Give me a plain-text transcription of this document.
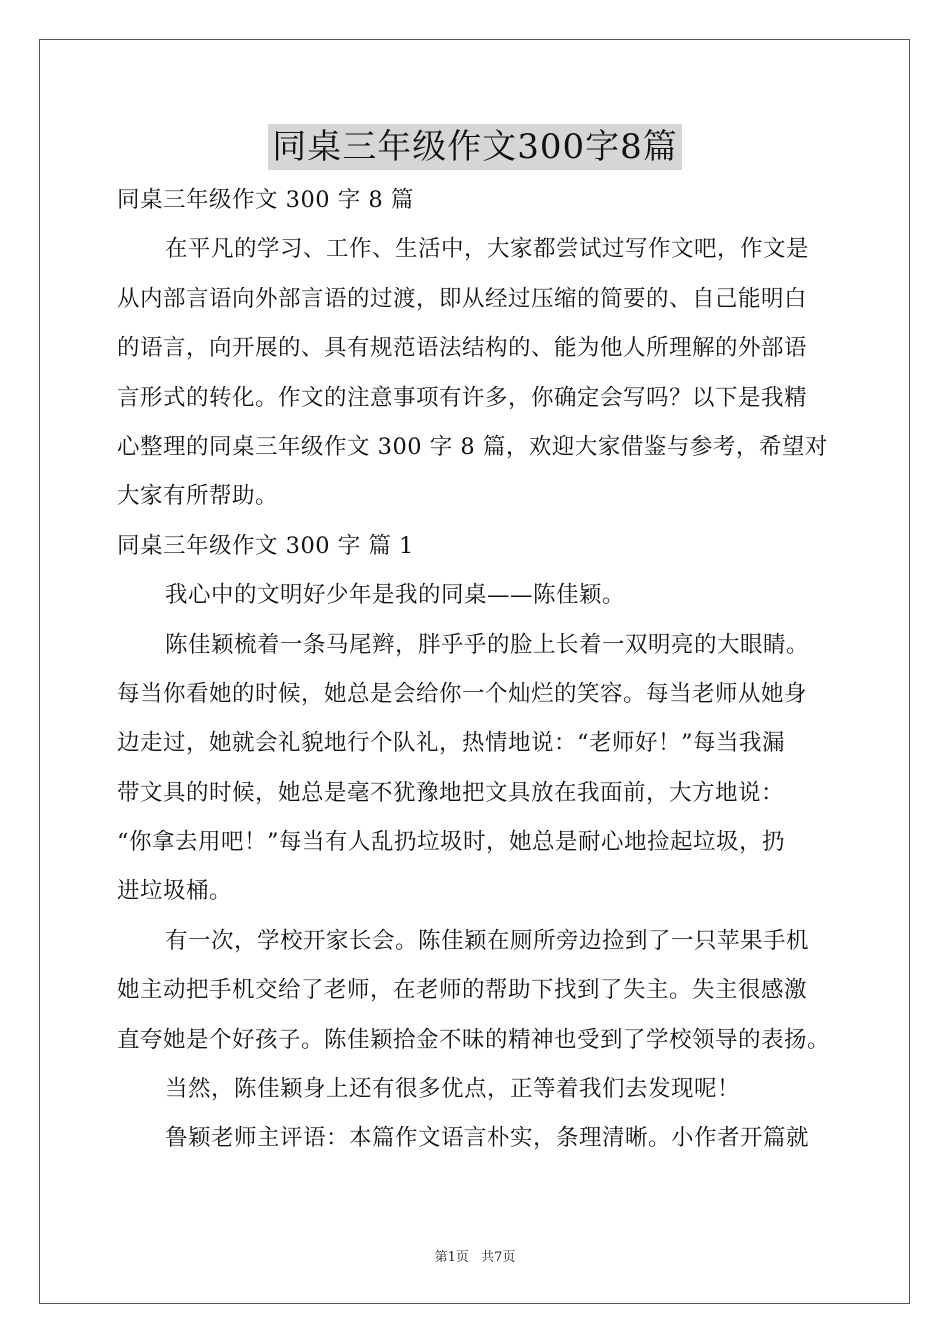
同桌三年级作文300字8篇
同桌三年级作文 300 字 8 篇
在平凡的学习、工作、生活中，大家都尝试过写作文吧，作文是
从内部言语向外部言语的过渡，即从经过压缩的简要的、自己能明白
的语言，向开展的、具有规范语法结构的、能为他人所理解的外部语
言形式的转化。作文的注意事项有许多，你确定会写吗？以下是我精
心整理的同桌三年级作文 300 字 8 篇，欢迎大家借鉴与参考，希望对
大家有所帮助。
同桌三年级作文 300 字 篇 1
我心中的文明好少年是我的同桌——陈佳颖。
陈佳颖梳着一条马尾辫，胖乎乎的脸上长着一双明亮的大眼睛。
每当你看她的时候，她总是会给你一个灿烂的笑容。每当老师从她身
边走过，她就会礼貌地行个队礼，热情地说：“老师好！”每当我漏
带文具的时候，她总是毫不犹豫地把文具放在我面前，大方地说：
“你拿去用吧！”每当有人乱扔垃圾时，她总是耐心地捡起垃圾，扔
进垃圾桶。
有一次，学校开家长会。陈佳颖在厕所旁边捡到了一只苹果手机
她主动把手机交给了老师，在老师的帮助下找到了失主。失主很感激
直夸她是个好孩子。陈佳颖拾金不昧的精神也受到了学校领导的表扬。
当然，陈佳颖身上还有很多优点，正等着我们去发现呢！
鲁颖老师主评语：本篇作文语言朴实，条理清晰。小作者开篇就
第1页 共7页
